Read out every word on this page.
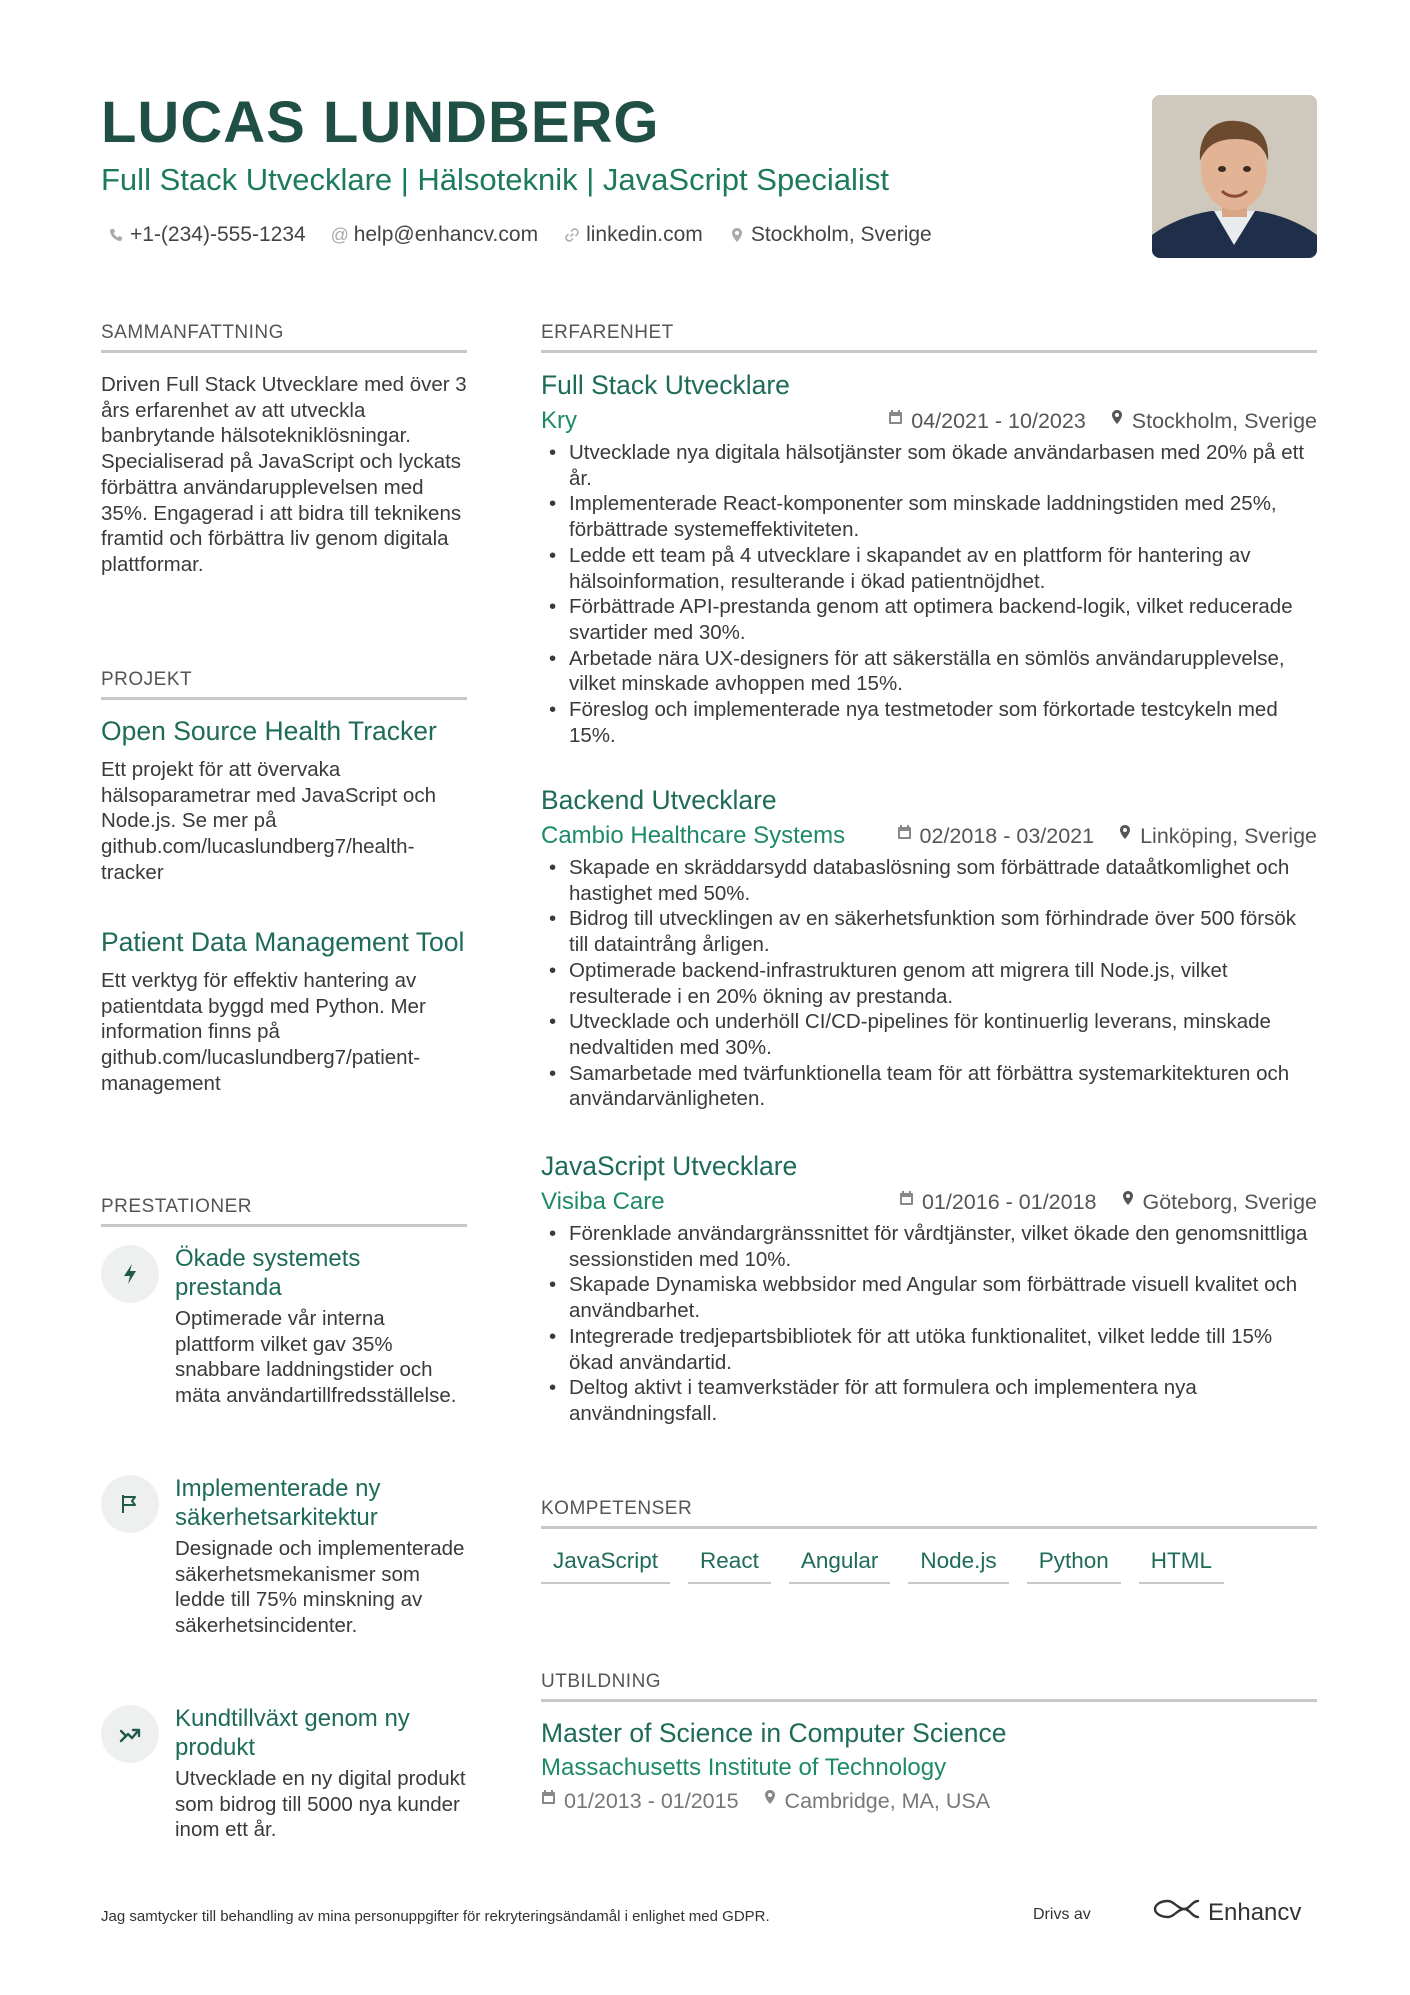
LUCAS LUNDBERG
Full Stack Utvecklare | Hälsoteknik | JavaScript Specialist
+1-(234)-555-1234 @ help@enhancv.com linkedin.com Stockholm, Sverige
SAMMANFATTNING
Driven Full Stack Utvecklare med över 3 års erfarenhet av att utveckla banbrytande hälsotekniklösningar. Specialiserad på JavaScript och lyckats förbättra användarupplevelsen med 35%. Engagerad i att bidra till teknikens framtid och förbättra liv genom digitala plattformar.
PROJEKT
Open Source Health Tracker
Ett projekt för att övervaka hälsoparametrar med JavaScript och Node.js. Se mer på github.com/lucaslundberg7/health-tracker
Patient Data Management Tool
Ett verktyg för effektiv hantering av patientdata byggd med Python. Mer information finns på github.com/lucaslundberg7/patient-management
PRESTATIONER
Ökade systemets prestanda
Optimerade vår interna plattform vilket gav 35% snabbare laddningstider och mäta användartillfredsställelse.
Implementerade ny säkerhetsarkitektur
Designade och implementerade säkerhetsmekanismer som ledde till 75% minskning av säkerhetsincidenter.
Kundtillväxt genom ny produkt
Utvecklade en ny digital produkt som bidrog till 5000 nya kunder inom ett år.
ERFARENHET
Full Stack Utvecklare
Kry	04/2021 - 10/2023 Stockholm, Sverige
• Utvecklade nya digitala hälsotjänster som ökade användarbasen med 20% på ett år.
• Implementerade React-komponenter som minskade laddningstiden med 25%, förbättrade systemeffektiviteten.
• Ledde ett team på 4 utvecklare i skapandet av en plattform för hantering av hälsoinformation, resulterande i ökad patientnöjdhet.
• Förbättrade API-prestanda genom att optimera backend-logik, vilket reducerade svartider med 30%.
• Arbetade nära UX-designers för att säkerställa en sömlös användarupplevelse, vilket minskade avhoppen med 15%.
• Föreslog och implementerade nya testmetoder som förkortade testcykeln med 15%.
Backend Utvecklare
Cambio Healthcare Systems	02/2018 - 03/2021 Linköping, Sverige
• Skapade en skräddarsydd databaslösning som förbättrade dataåtkomlighet och hastighet med 50%.
• Bidrog till utvecklingen av en säkerhetsfunktion som förhindrade över 500 försök till dataintrång årligen.
• Optimerade backend-infrastrukturen genom att migrera till Node.js, vilket resulterade i en 20% ökning av prestanda.
• Utvecklade och underhöll CI/CD-pipelines för kontinuerlig leverans, minskade nedvaltiden med 30%.
• Samarbetade med tvärfunktionella team för att förbättra systemarkitekturen och användarvänligheten.
JavaScript Utvecklare
Visiba Care	01/2016 - 01/2018 Göteborg, Sverige
• Förenklade användargränssnittet för vårdtjänster, vilket ökade den genomsnittliga sessionstiden med 10%.
• Skapade Dynamiska webbsidor med Angular som förbättrade visuell kvalitet och användbarhet.
• Integrerade tredjepartsbibliotek för att utöka funktionalitet, vilket ledde till 15% ökad användartid.
• Deltog aktivt i teamverkstäder för att formulera och implementera nya användningsfall.
KOMPETENSER
JavaScript	React	Angular	Node.js	Python	HTML
UTBILDNING
Master of Science in Computer Science
Massachusetts Institute of Technology
01/2013 - 01/2015 Cambridge, MA, USA
Jag samtycker till behandling av mina personuppgifter för rekryteringsändamål i enlighet med GDPR.	Drivs av	Enhancv
